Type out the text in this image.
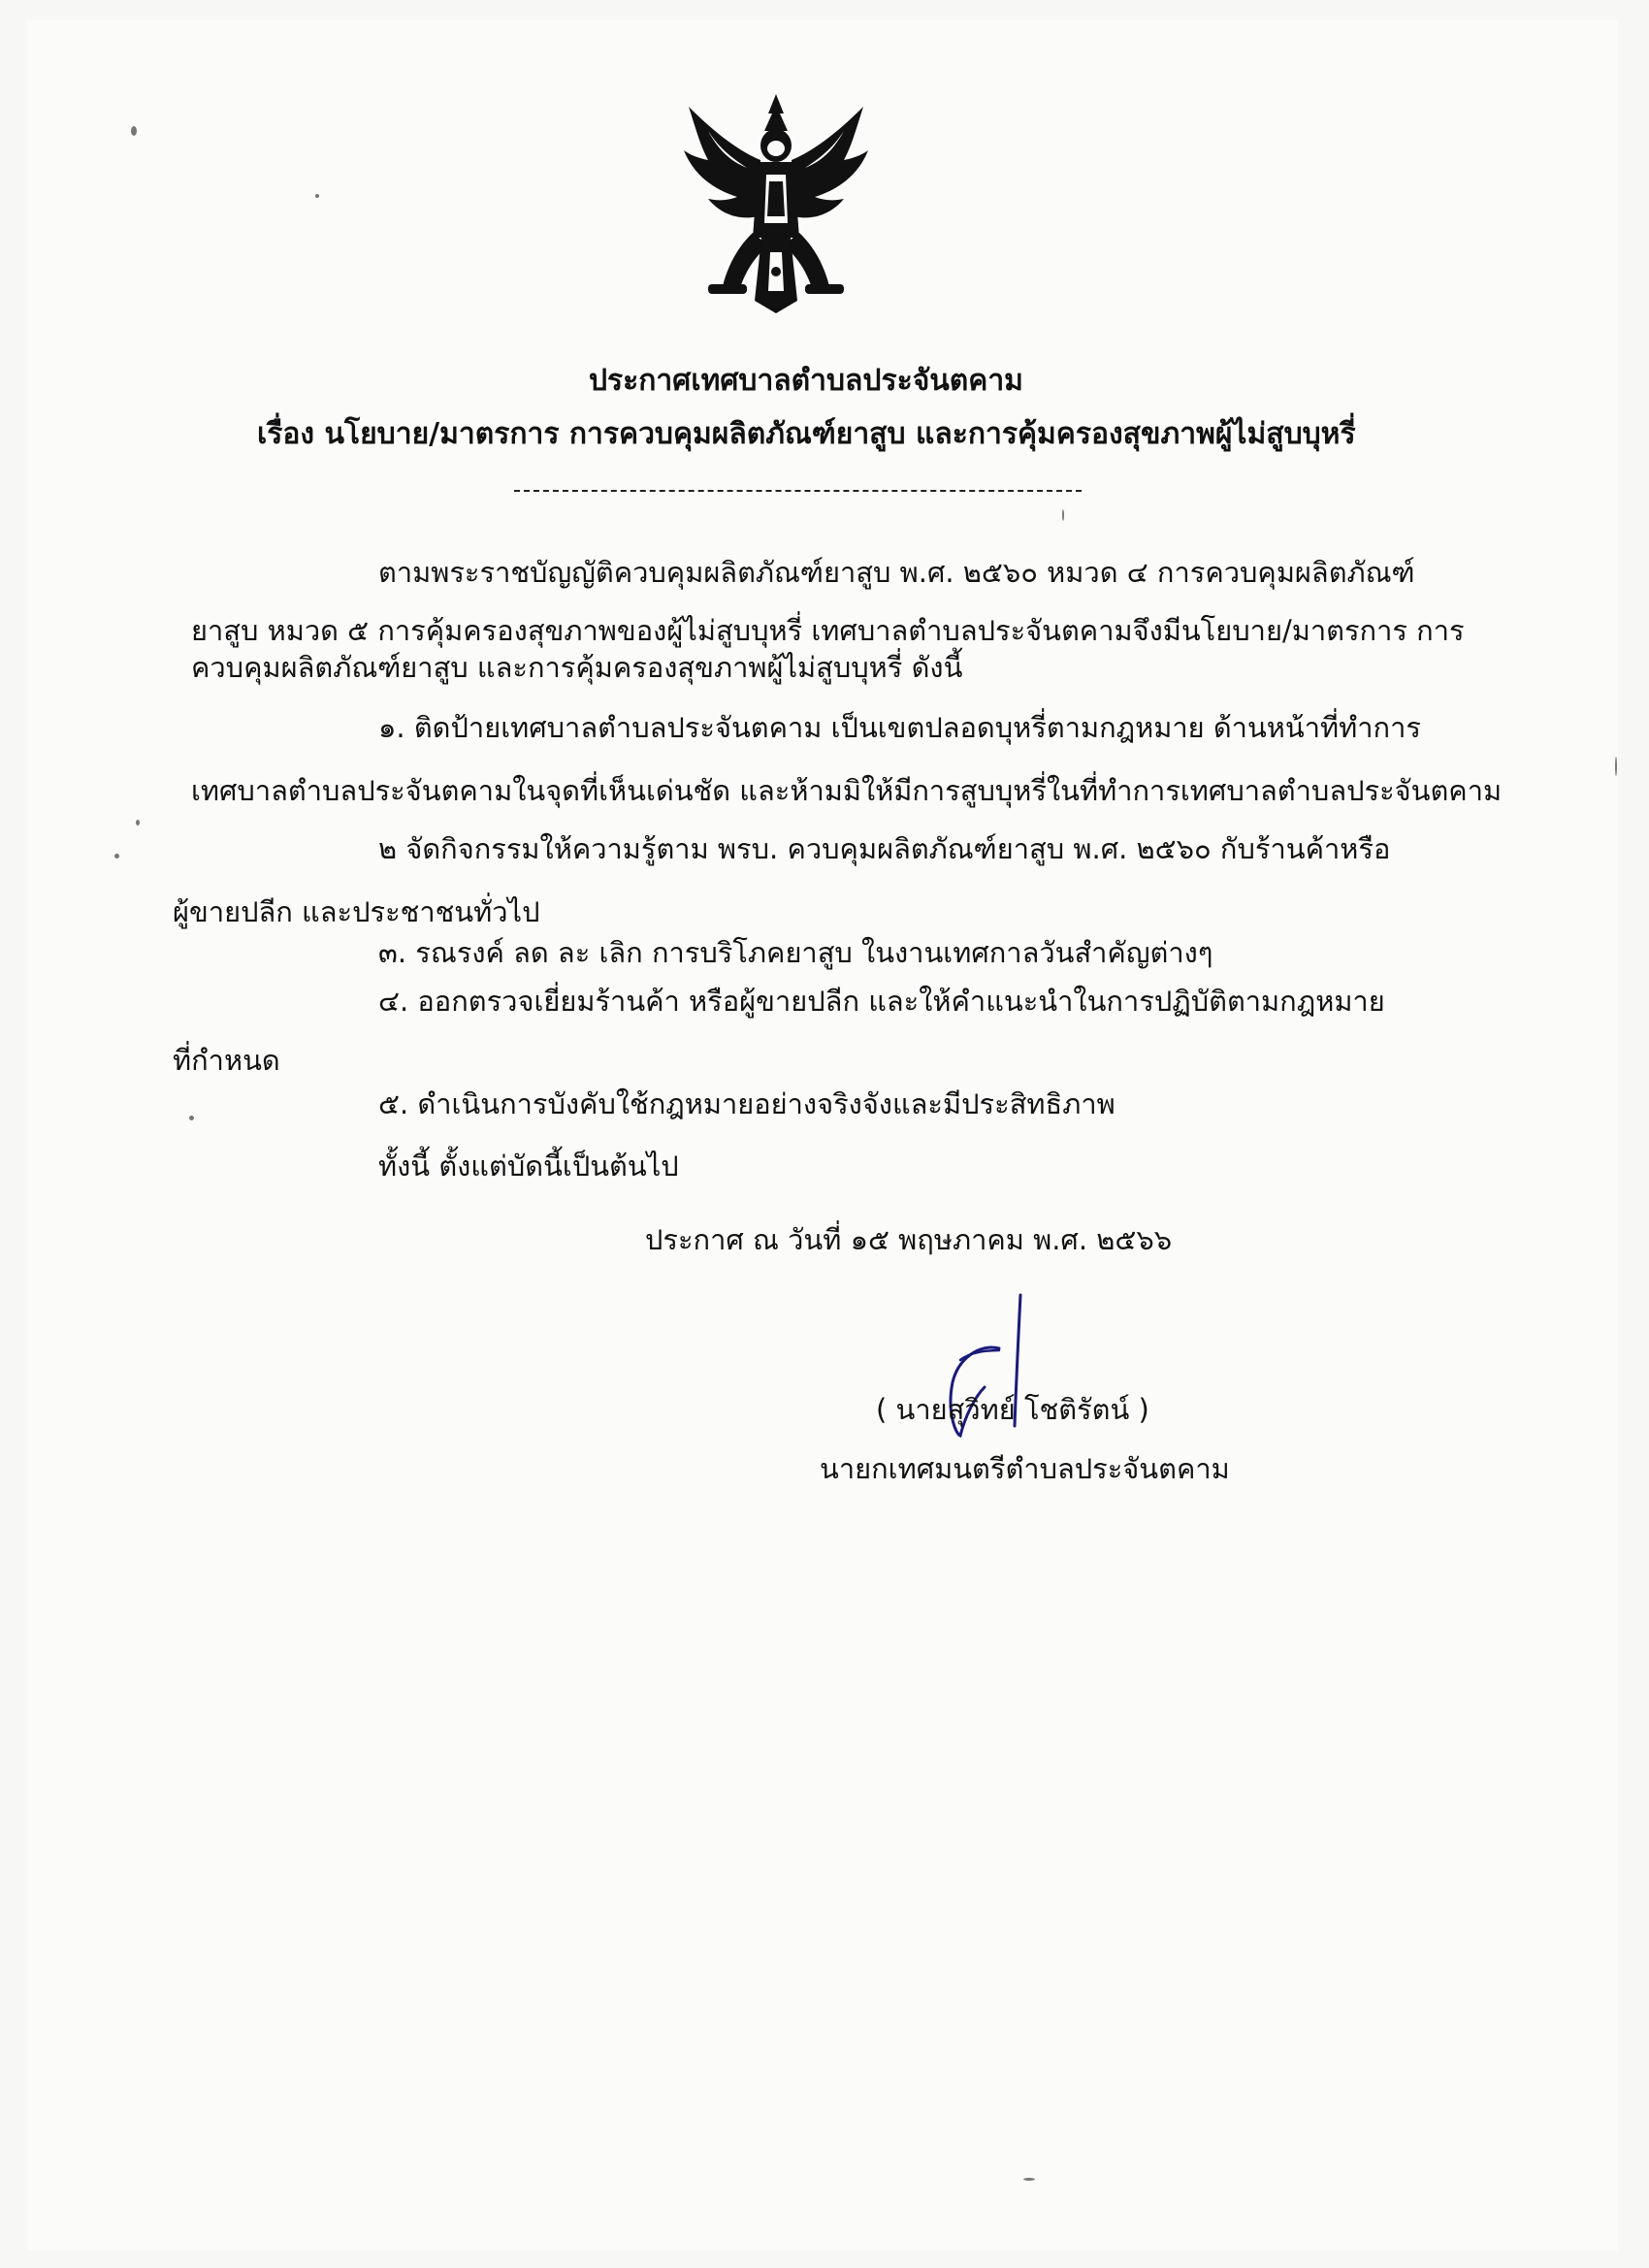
ประกาศเทศบาลตำบลประจันตคาม
เรื่อง นโยบาย/มาตรการ การควบคุมผลิตภัณฑ์ยาสูบ และการคุ้มครองสุขภาพผู้ไม่สูบบุหรี่
ตามพระราชบัญญัติควบคุมผลิตภัณฑ์ยาสูบ พ.ศ. ๒๕๖๐ หมวด ๔ การควบคุมผลิตภัณฑ์
ยาสูบ หมวด ๕ การคุ้มครองสุขภาพของผู้ไม่สูบบุหรี่ เทศบาลตำบลประจันตคามจึงมีนโยบาย/มาตรการ การ
ควบคุมผลิตภัณฑ์ยาสูบ และการคุ้มครองสุขภาพผู้ไม่สูบบุหรี่ ดังนี้
๑. ติดป้ายเทศบาลตำบลประจันตคาม เป็นเขตปลอดบุหรี่ตามกฎหมาย ด้านหน้าที่ทำการ
เทศบาลตำบลประจันตคามในจุดที่เห็นเด่นชัด และห้ามมิให้มีการสูบบุหรี่ในที่ทำการเทศบาลตำบลประจันตคาม
๒ จัดกิจกรรมให้ความรู้ตาม พรบ. ควบคุมผลิตภัณฑ์ยาสูบ พ.ศ. ๒๕๖๐ กับร้านค้าหรือ
ผู้ขายปลีก และประชาชนทั่วไป
๓. รณรงค์ ลด ละ เลิก การบริโภคยาสูบ ในงานเทศกาลวันสำคัญต่างๆ
๔. ออกตรวจเยี่ยมร้านค้า หรือผู้ขายปลีก และให้คำแนะนำในการปฏิบัติตามกฎหมาย
ที่กำหนด
๕. ดำเนินการบังคับใช้กฎหมายอย่างจริงจังและมีประสิทธิภาพ
ทั้งนี้ ตั้งแต่บัดนี้เป็นต้นไป
ประกาศ ณ วันที่ ๑๕ พฤษภาคม พ.ศ. ๒๕๖๖
( นายสุวิทย์ โชติรัตน์ )
นายกเทศมนตรีตำบลประจันตคาม
